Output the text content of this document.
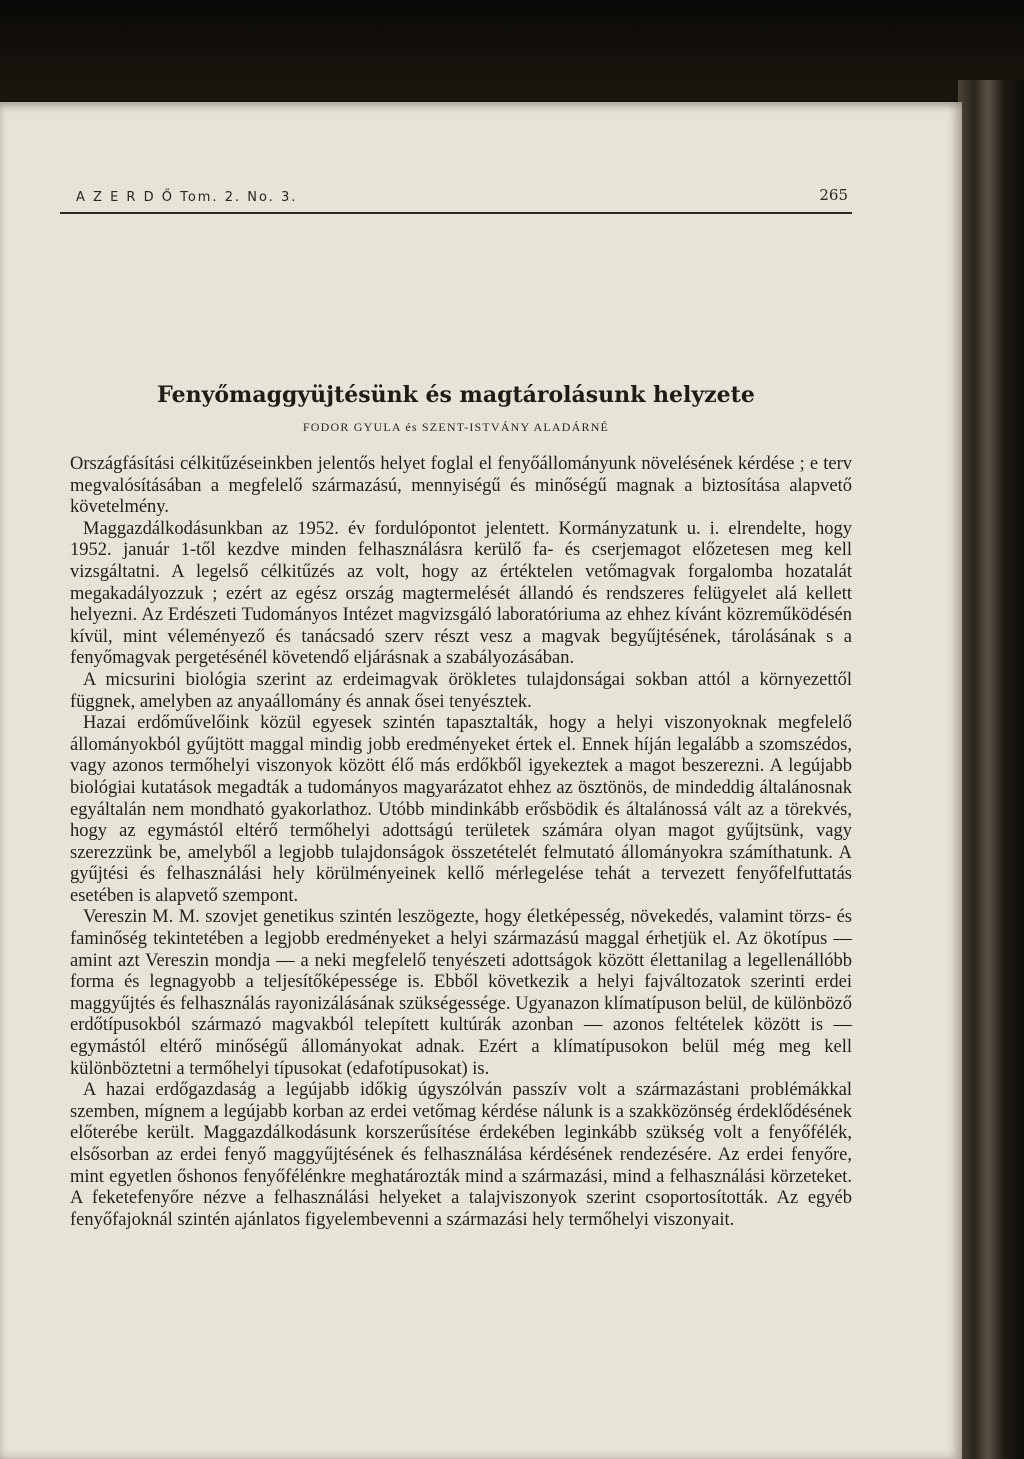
A Z E R D Ő Tom. 2. No. 3.	265
Fenyőmaggyüjtésünk és magtárolásunk helyzete
FODOR GYULA és SZENT-ISTVÁNY ALADÁRNÉ

Országfásítási célkitűzéseinkben jelentős helyet foglal el fenyőállományunk növelésének kérdése ; e terv megvalósításában a megfelelő származású, mennyiségű és minőségű magnak a biztosítása alapvető követelmény.

Maggazdálkodásunkban az 1952. év fordulópontot jelentett. Kormányzatunk u. i. elrendelte, hogy 1952. január 1-től kezdve minden felhasználásra kerülő fa- és cserjemagot előzetesen meg kell vizsgáltatni. A legelső célkitűzés az volt, hogy az értéktelen vetőmagvak forgalomba hozatalát megakadályozzuk ; ezért az egész ország magtermelését állandó és rendszeres felügyelet alá kellett helyezni. Az Erdészeti Tudományos Intézet magvizsgáló laboratóriuma az ehhez kívánt közreműködésén kívül, mint véleményező és tanácsadó szerv részt vesz a magvak begyűjtésének, tárolásának s a fenyőmagvak pergetésénél követendő eljárásnak a szabályozásában.

A micsurini biológia szerint az erdeimagvak örökletes tulajdonságai sokban attól a környezettől függnek, amelyben az anyaállomány és annak ősei tenyésztek.

Hazai erdőművelőink közül egyesek szintén tapasztalták, hogy a helyi viszonyoknak megfelelő állományokból gyűjtött maggal mindig jobb eredményeket értek el. Ennek híján legalább a szomszédos, vagy azonos termőhelyi viszonyok között élő más erdőkből igyekeztek a magot beszerezni. A legújabb biológiai kutatások megadták a tudományos magyarázatot ehhez az ösztönös, de mindeddig általánosnak egyáltalán nem mondható gyakorlathoz. Utóbb mindinkább erősbödik és általánossá vált az a törekvés, hogy az egymástól eltérő termőhelyi adottságú területek számára olyan magot gyűjtsünk, vagy szerezzünk be, amelyből a legjobb tulajdonságok összetételét felmutató állományokra számíthatunk. A gyűjtési és felhasználási hely körülményeinek kellő mérlegelése tehát a tervezett fenyőfelfuttatás esetében is alapvető szempont.

Vereszin M. M. szovjet genetikus szintén leszögezte, hogy életképesség, növekedés, valamint törzs- és faminőség tekintetében a legjobb eredményeket a helyi származású maggal érhetjük el. Az ökotípus — amint azt Vereszin mondja — a neki megfelelő tenyészeti adottságok között élettanilag a legellenállóbb forma és legnagyobb a teljesítőképessége is. Ebből következik a helyi fajváltozatok szerinti erdei maggyűjtés és felhasználás rayonizálásának szükségessége. Ugyanazon klímatípuson belül, de különböző erdőtípusokból származó magvakból telepített kultúrák azonban — azonos feltételek között is — egymástól eltérő minőségű állományokat adnak. Ezért a klímatípusokon belül még meg kell különböztetni a termőhelyi típusokat (edafotípusokat) is.

A hazai erdőgazdaság a legújabb időkig úgyszólván passzív volt a származástani problémákkal szemben, mígnem a legújabb korban az erdei vetőmag kérdése nálunk is a szakközönség érdeklődésének előterébe került. Maggazdálkodásunk korszerűsítése érdekében leginkább szükség volt a fenyőfélék, elsősorban az erdei fenyő maggyűjtésének és felhasználása kérdésének rendezésére. Az erdei fenyőre, mint egyetlen őshonos fenyőfélénkre meghatározták mind a származási, mind a felhasználási körzeteket. A feketefenyőre nézve a felhasználási helyeket a talajviszonyok szerint csoportosították. Az egyéb fenyőfajoknál szintén ajánlatos figyelembevenni a származási hely termőhelyi viszonyait.
